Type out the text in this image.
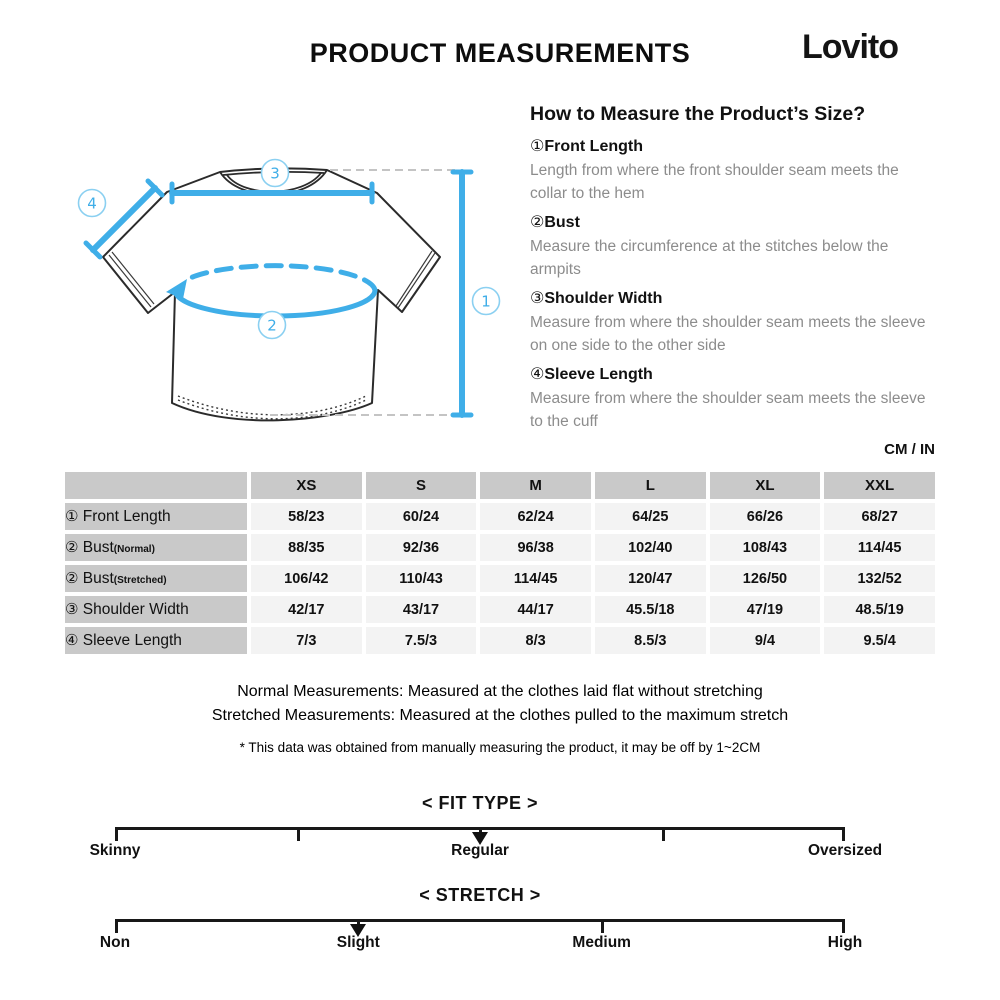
PRODUCT MEASUREMENTS	Lovito
1
2
3
4
How to Measure the Product’s Size?
①Front Length
Length from where the front shoulder seam meets the collar to the hem
②Bust
Measure the circumference at the stitches below the armpits
③Shoulder Width
Measure from where the shoulder seam meets the sleeve on one side to the other side
④Sleeve Length
Measure from where the shoulder seam meets the sleeve to the cuff
CM / IN
	XS	S	M	L	XL	XXL
① Front Length	58/23	60/24	62/24	64/25	66/26	68/27
② Bust(Normal)	88/35	92/36	96/38	102/40	108/43	114/45
② Bust(Stretched)	106/42	110/43	114/45	120/47	126/50	132/52
③ Shoulder Width	42/17	43/17	44/17	45.5/18	47/19	48.5/19
④ Sleeve Length	7/3	7.5/3	8/3	8.5/3	9/4	9.5/4
Normal Measurements: Measured at the clothes laid flat without stretching
Stretched Measurements: Measured at the clothes pulled to the maximum stretch
* This data was obtained from manually measuring the product, it may be off by 1~2CM
< FIT TYPE >
Skinny	Regular	Oversized
< STRETCH >
Non	Slight	Medium	High
